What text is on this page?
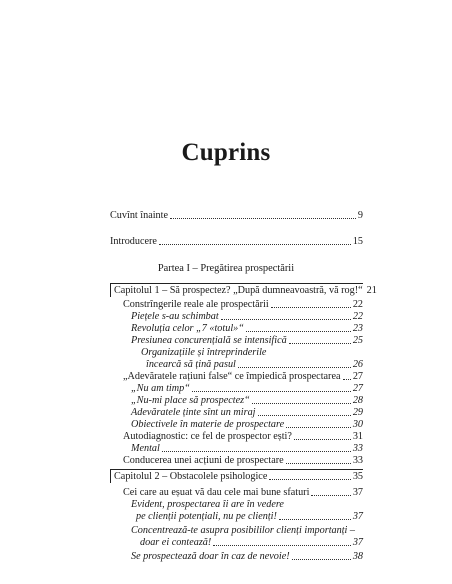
Cuprins
Cuvînt înainte	9
Introducere	15
Partea I – Pregătirea prospectării
Capitolul 1 – Să prospectez? „După dumneavoastră, vă rog!“ 21
Constrîngerile reale ale prospectării	22
Piețele s-au schimbat	22
Revoluția celor „7 «totul»“	23
Presiunea concurențială se intensifică	25
Organizațiile și întreprinderile
încearcă să țină pasul	26
„Adevăratele rațiuni false“ ce împiedică prospectarea 27
„Nu am timp“	27
„Nu-mi place să prospectez“	28
Adevăratele ținte sînt un miraj	29
Obiectivele în materie de prospectare	30
Autodiagnostic: ce fel de prospector ești?	31
Mental	33
Conducerea unei acțiuni de prospectare	33
Capitolul 2 – Obstacolele psihologice	35
Cei care au eșuat vă dau cele mai bune sfaturi	37
Evident, prospectarea îi are în vedere
pe clienții potențiali, nu pe clienți!	37
Concentrează-te asupra posibililor clienți importanți –
doar ei contează!	37
Se prospectează doar în caz de nevoie!	38
